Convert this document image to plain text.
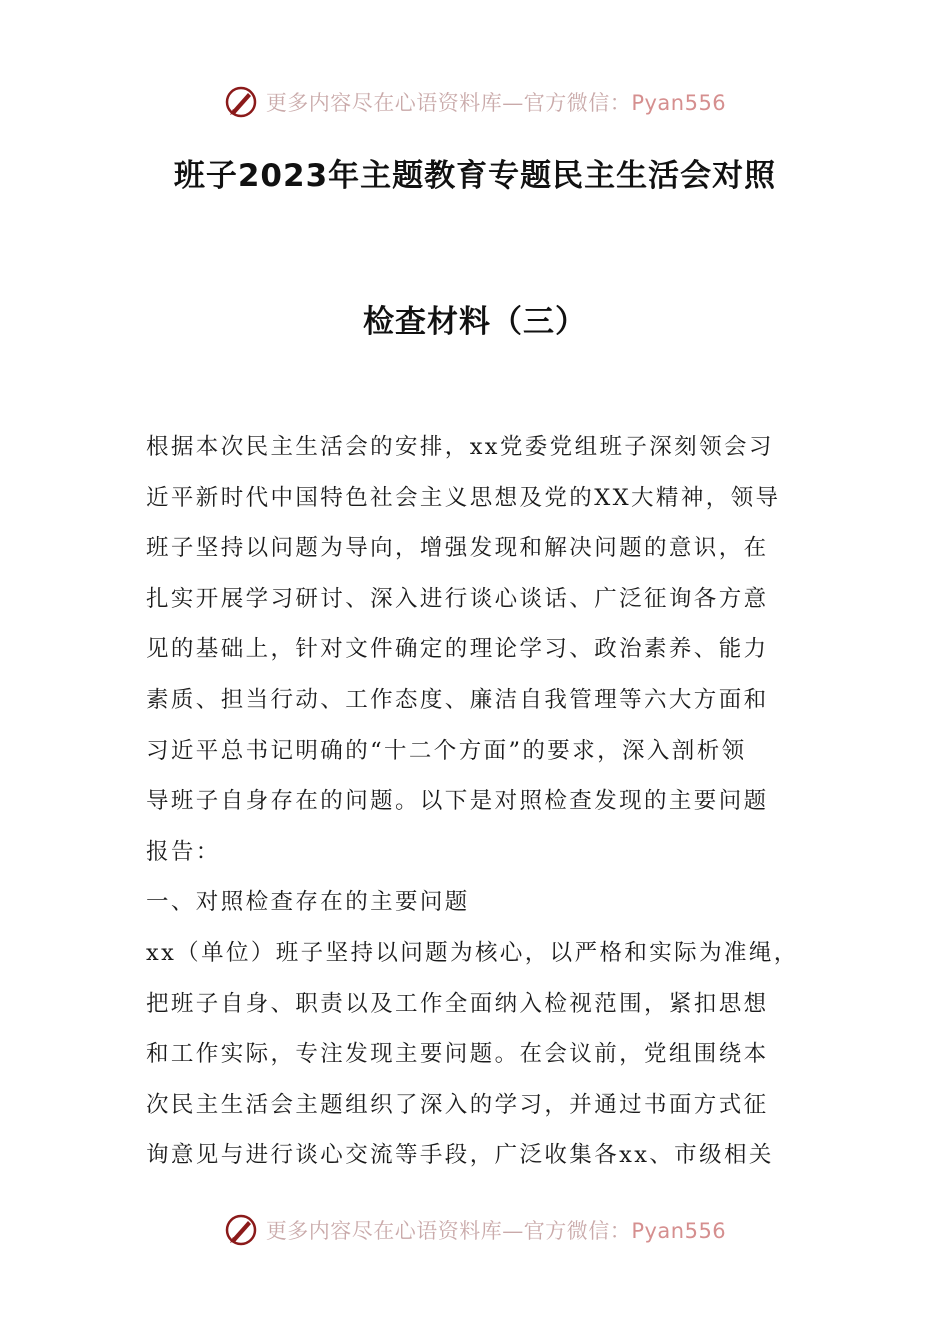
更多内容尽在心语资料库—官方微信：Pyan556
班子2023年主题教育专题民主生活会对照
检查材料（三）
根据本次民主生活会的安排，xx党委党组班子深刻领会习
近平新时代中国特色社会主义思想及党的XX大精神，领导
班子坚持以问题为导向，增强发现和解决问题的意识，在
扎实开展学习研讨、深入进行谈心谈话、广泛征询各方意
见的基础上，针对文件确定的理论学习、政治素养、能力
素质、担当行动、工作态度、廉洁自我管理等六大方面和
习近平总书记明确的“十二个方面”的要求，深入剖析领
导班子自身存在的问题。以下是对照检查发现的主要问题
报告：
一、对照检查存在的主要问题
xx（单位）班子坚持以问题为核心，以严格和实际为准绳，
把班子自身、职责以及工作全面纳入检视范围，紧扣思想
和工作实际，专注发现主要问题。在会议前，党组围绕本
次民主生活会主题组织了深入的学习，并通过书面方式征
询意见与进行谈心交流等手段，广泛收集各xx、市级相关
更多内容尽在心语资料库—官方微信：Pyan556
